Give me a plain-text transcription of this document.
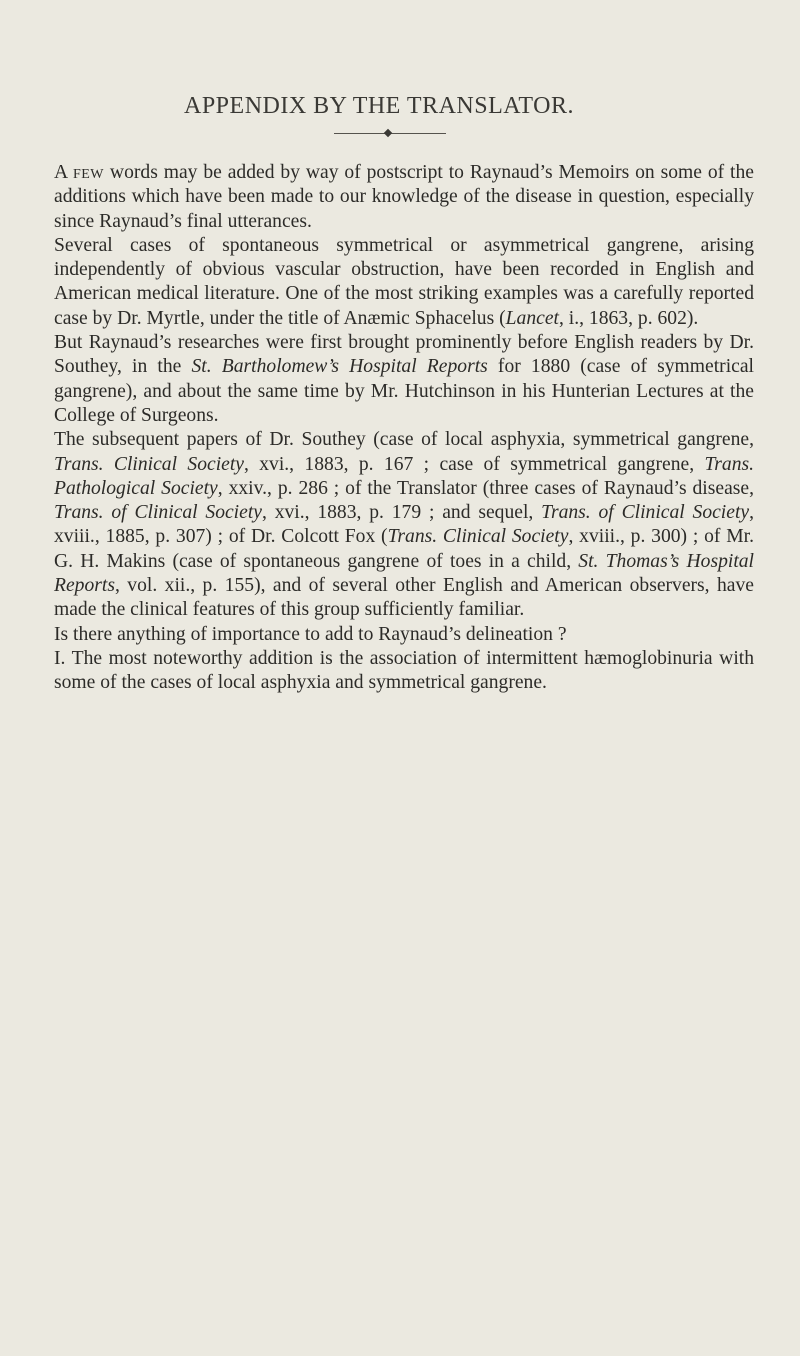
APPENDIX BY THE TRANSLATOR.

A few words may be added by way of postscript to Raynaud’s Memoirs on some of the additions which have been made to our knowledge of the disease in question, especially since Raynaud’s final utterances.

Several cases of spontaneous symmetrical or asymmetrical gangrene, arising independently of obvious vascular obstruction, have been recorded in English and American medical literature. One of the most striking examples was a carefully reported case by Dr. Myrtle, under the title of Anæmic Sphacelus (Lancet, i., 1863, p. 602).

But Raynaud’s researches were first brought prominently before English readers by Dr. Southey, in the St. Bartholomew’s Hospital Reports for 1880 (case of symmetrical gangrene), and about the same time by Mr. Hutchinson in his Hunterian Lectures at the College of Surgeons.

The subsequent papers of Dr. Southey (case of local asphyxia, symmetrical gangrene, Trans. Clinical Society, xvi., 1883, p. 167 ; case of symmetrical gangrene, Trans. Pathological Society, xxiv., p. 286 ; of the Translator (three cases of Raynaud’s disease, Trans. of Clinical Society, xvi., 1883, p. 179 ; and sequel, Trans. of Clinical Society, xviii., 1885, p. 307) ; of Dr. Colcott Fox (Trans. Clinical Society, xviii., p. 300) ; of Mr. G. H. Makins (case of spontaneous gangrene of toes in a child, St. Thomas’s Hospital Reports, vol. xii., p. 155), and of several other English and American observers, have made the clinical features of this group sufficiently familiar.

Is there anything of importance to add to Raynaud’s delineation ?

I. The most noteworthy addition is the association of intermittent hæmoglobinuria with some of the cases of local asphyxia and symmetrical gangrene.
